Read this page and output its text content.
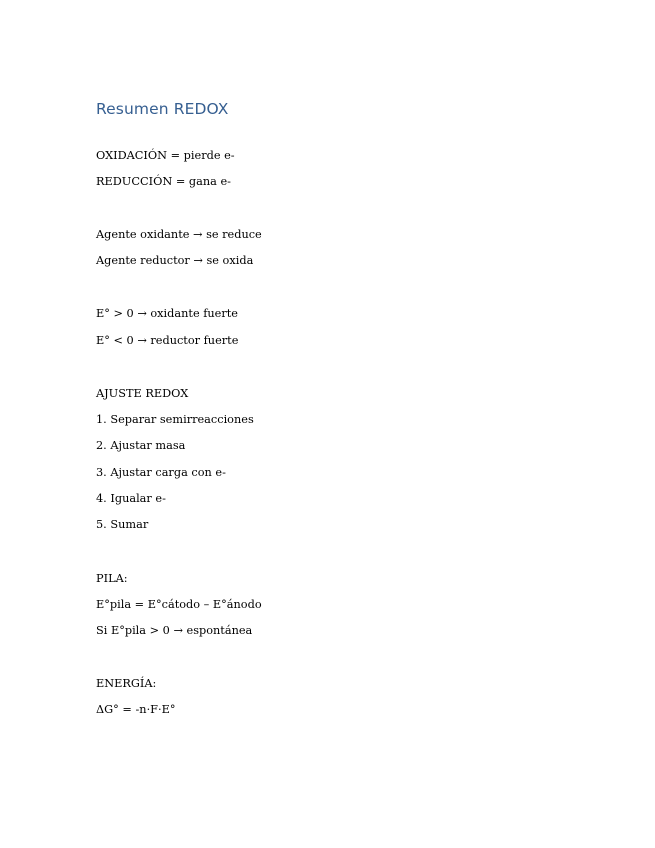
Resumen REDOX

OXIDACIÓN = pierde e-

REDUCCIÓN = gana e-

Agente oxidante → se reduce

Agente reductor → se oxida

E° > 0 → oxidante fuerte

E° < 0 → reductor fuerte

AJUSTE REDOX

1. Separar semirreacciones

2. Ajustar masa

3. Ajustar carga con e-

4. Igualar e-

5. Sumar

PILA:

E°pila = E°cátodo – E°ánodo

Si E°pila > 0 → espontánea

ENERGÍA:

ΔG° = -n·F·E°
